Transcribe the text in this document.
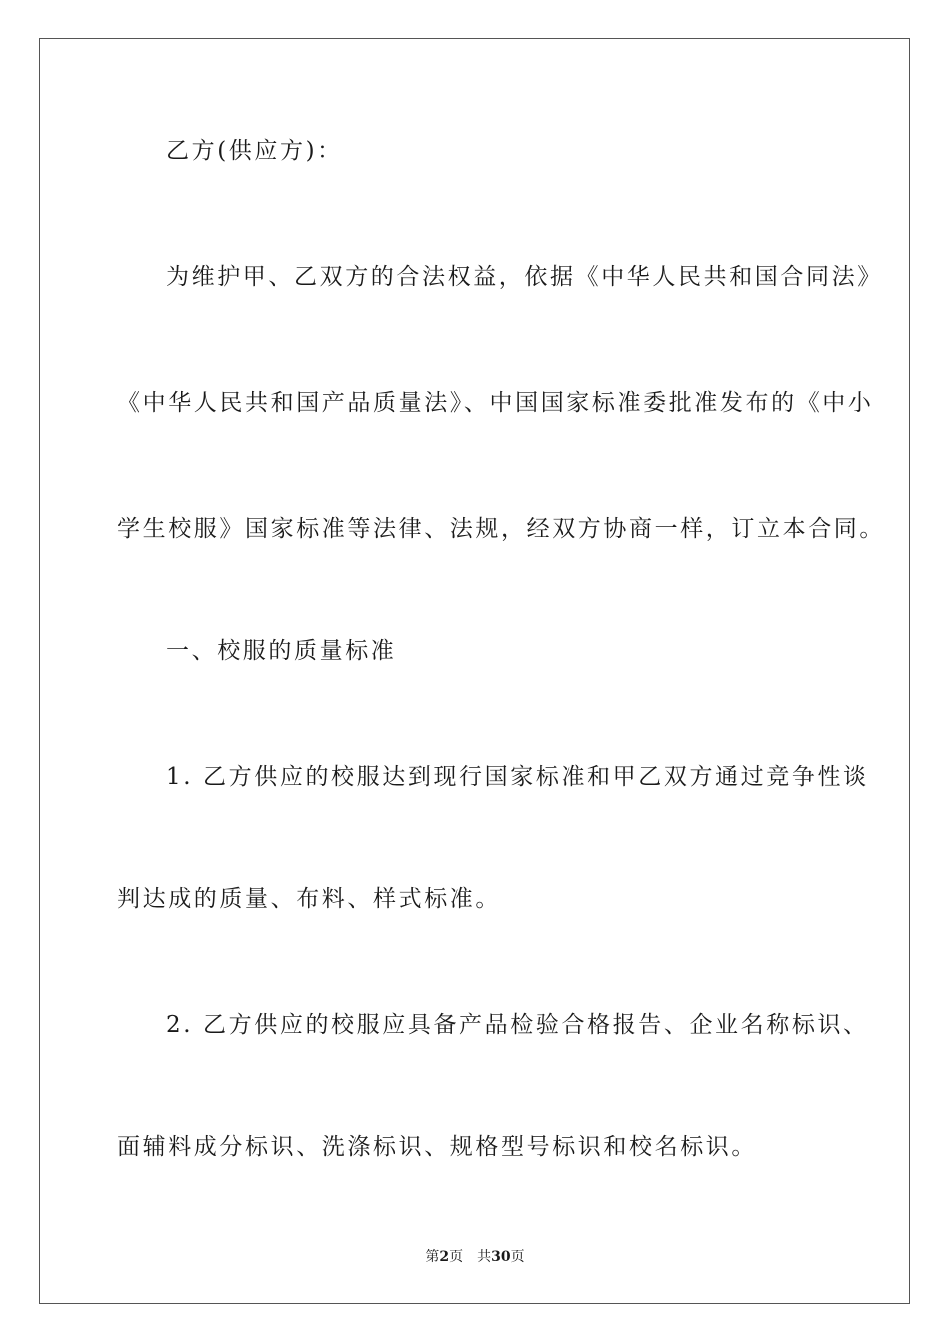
乙方(供应方)：
为维护甲、乙双方的合法权益，依据《中华人民共和国合同法》
《中华人民共和国产品质量法》、中国国家标准委批准发布的《中小
学生校服》国家标准等法律、法规，经双方协商一样，订立本合同。
一、校服的质量标准
1. 乙方供应的校服达到现行国家标准和甲乙双方通过竞争性谈
判达成的质量、布料、样式标准。
2. 乙方供应的校服应具备产品检验合格报告、企业名称标识、
面辅料成分标识、洗涤标识、规格型号标识和校名标识。
第2页 共30页
